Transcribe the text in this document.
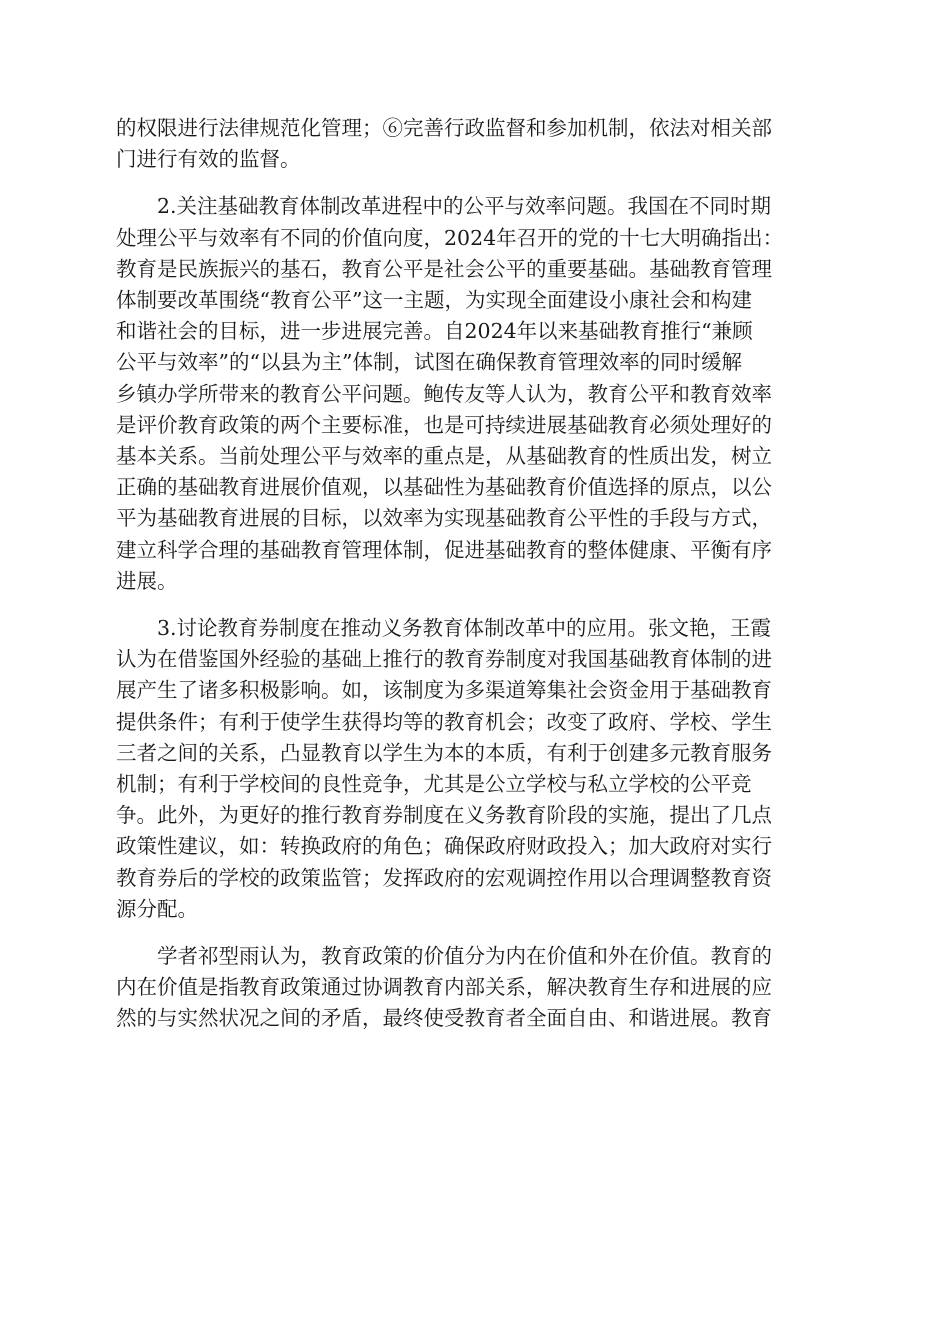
的权限进行法律规范化管理；⑥完善行政监督和参加机制，依法对相关部
门进行有效的监督。
2.关注基础教育体制改革进程中的公平与效率问题。我国在不同时期
处理公平与效率有不同的价值向度，2024年召开的党的十七大明确指出：
教育是民族振兴的基石，教育公平是社会公平的重要基础。基础教育管理
体制要改革围绕“教育公平”这一主题，为实现全面建设小康社会和构建
和谐社会的目标，进一步进展完善。自2024年以来基础教育推行“兼顾
公平与效率”的“以县为主”体制，试图在确保教育管理效率的同时缓解
乡镇办学所带来的教育公平问题。鲍传友等人认为，教育公平和教育效率
是评价教育政策的两个主要标准，也是可持续进展基础教育必须处理好的
基本关系。当前处理公平与效率的重点是，从基础教育的性质出发，树立
正确的基础教育进展价值观，以基础性为基础教育价值选择的原点，以公
平为基础教育进展的目标，以效率为实现基础教育公平性的手段与方式，
建立科学合理的基础教育管理体制，促进基础教育的整体健康、平衡有序
进展。
3.讨论教育券制度在推动义务教育体制改革中的应用。张文艳，王霞
认为在借鉴国外经验的基础上推行的教育券制度对我国基础教育体制的进
展产生了诸多积极影响。如，该制度为多渠道筹集社会资金用于基础教育
提供条件；有利于使学生获得均等的教育机会；改变了政府、学校、学生
三者之间的关系，凸显教育以学生为本的本质，有利于创建多元教育服务
机制；有利于学校间的良性竞争，尤其是公立学校与私立学校的公平竞
争。此外，为更好的推行教育券制度在义务教育阶段的实施，提出了几点
政策性建议，如：转换政府的角色；确保政府财政投入；加大政府对实行
教育券后的学校的政策监管；发挥政府的宏观调控作用以合理调整教育资
源分配。
学者祁型雨认为，教育政策的价值分为内在价值和外在价值。教育的
内在价值是指教育政策通过协调教育内部关系，解决教育生存和进展的应
然的与实然状况之间的矛盾，最终使受教育者全面自由、和谐进展。教育
